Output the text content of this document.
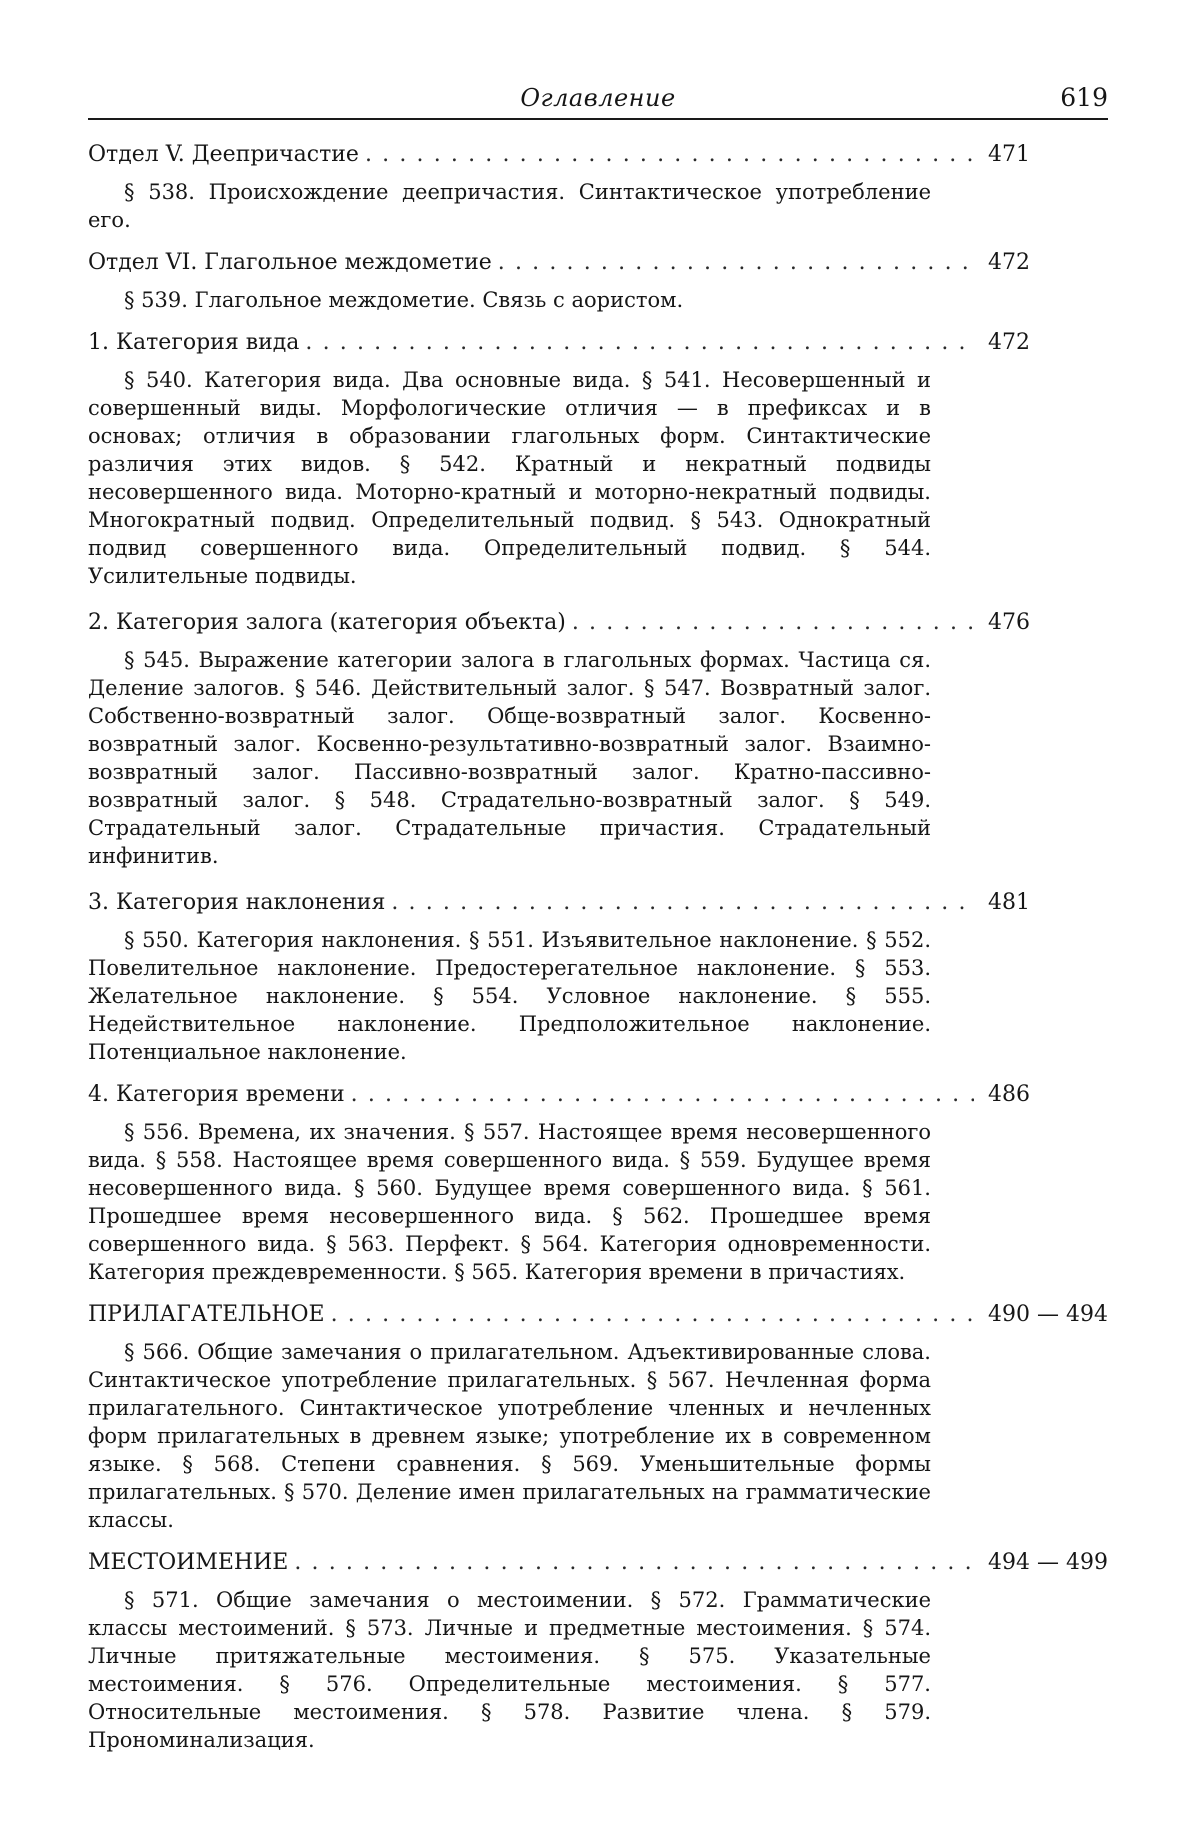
Оглавление	619
Отдел V. Деепричастие . . .	471
§ 538. Происхождение деепричастия. Синтактическое употребление его.
Отдел VI. Глагольное междометие . . .	472
§ 539. Глагольное междометие. Связь с аористом.
1. Категория вида . . .	472
§ 540. Категория вида. Два основные вида. § 541. Несовершенный и совершенный виды. Морфологические отличия — в префиксах и в основах; отличия в образовании глагольных форм. Синтактические различия этих видов. § 542. Кратный и некратный подвиды несовершенного вида. Моторно-кратный и моторно-некратный подвиды. Многократный подвид. Определительный подвид. § 543. Однократный подвид совершенного вида. Определительный подвид. § 544. Усилительные подвиды.
2. Категория залога (категория объекта) . . .	476
§ 545. Выражение категории залога в глагольных формах. Частица ся. Деление залогов. § 546. Действительный залог. § 547. Возвратный залог. Собственно-возвратный залог. Обще-возвратный залог. Косвенно-возвратный залог. Косвенно-результативно-возвратный залог. Взаимно-возвратный залог. Пассивно-возвратный залог. Кратно-пассивно-возвратный залог. § 548. Страдательно-возвратный залог. § 549. Страдательный залог. Страдательные причастия. Страдательный инфинитив.
3. Категория наклонения . . .	481
§ 550. Категория наклонения. § 551. Изъявительное наклонение. § 552. Повелительное наклонение. Предостерегательное наклонение. § 553. Желательное наклонение. § 554. Условное наклонение. § 555. Недействительное наклонение. Предположительное наклонение. Потенциальное наклонение.
4. Категория времени . . .	486
§ 556. Времена, их значения. § 557. Настоящее время несовершенного вида. § 558. Настоящее время совершенного вида. § 559. Будущее время несовершенного вида. § 560. Будущее время совершенного вида. § 561. Прошедшее время несовершенного вида. § 562. Прошедшее время совершенного вида. § 563. Перфект. § 564. Категория одновременности. Категория преждевременности. § 565. Категория времени в причастиях.
ПРИЛАГАТЕЛЬНОЕ . . .	490 — 494
§ 566. Общие замечания о прилагательном. Адъективированные слова. Синтактическое употребление прилагательных. § 567. Нечленная форма прилагательного. Синтактическое употребление членных и нечленных форм прилагательных в древнем языке; употребление их в современном языке. § 568. Степени сравнения. § 569. Уменьшительные формы прилагательных. § 570. Деление имен прилагательных на грамматические классы.
МЕСТОИМЕНИЕ . . .	494 — 499
§ 571. Общие замечания о местоимении. § 572. Грамматические классы местоимений. § 573. Личные и предметные местоимения. § 574. Личные притяжательные местоимения. § 575. Указательные местоимения. § 576. Определительные местоимения. § 577. Относительные местоимения. § 578. Развитие члена. § 579. Прономинализация.
